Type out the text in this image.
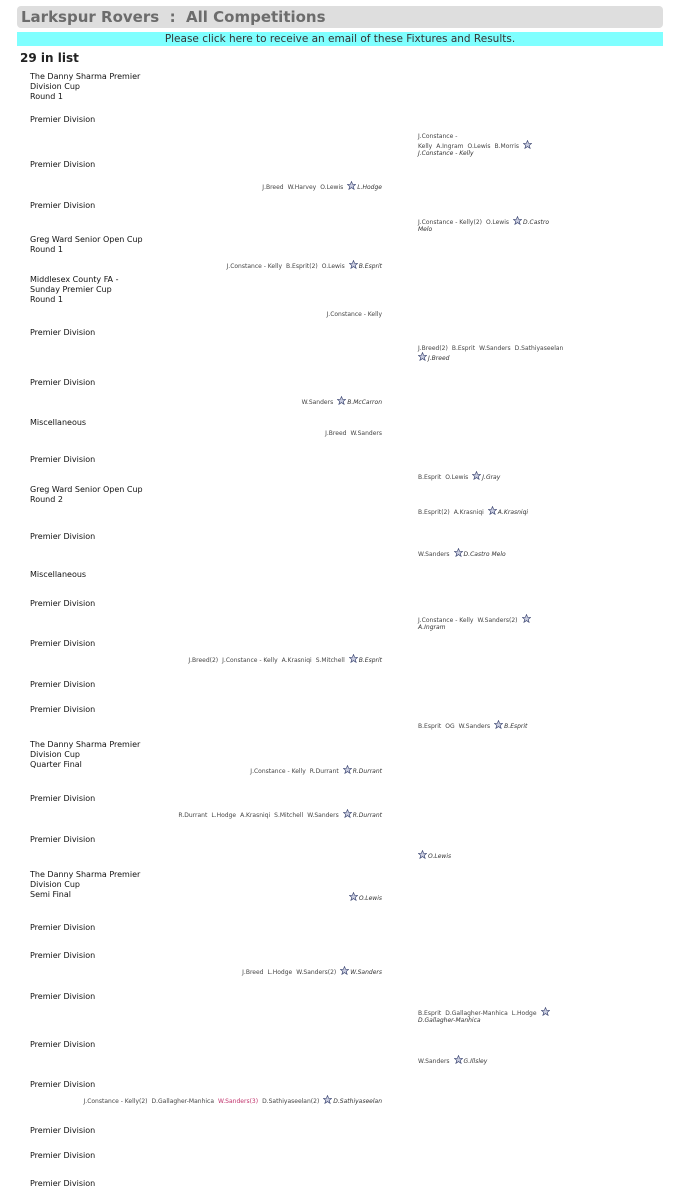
Larkspur Rovers  :  All Competitions
Please click here to receive an email of these Fixtures and Results.
29 in list
The Danny Sharma Premier Division Cup
Round 1
Premier Division
J.Constance - Kelly A.Ingram O.Lewis B.MorrisJ.Constance - Kelly
Premier Division
J.Breed W.Harvey O.Lewis L.Hodge
Premier Division
J.Constance - Kelly(2) O.Lewis D.Castro Melo
Greg Ward Senior Open Cup
Round 1
J.Constance - Kelly B.Esprit(2) O.Lewis B.Esprit
Middlesex County FA - Sunday Premier Cup
Round 1
J.Constance - Kelly
Premier Division
J.Breed(2) B.Esprit W.Sanders D.SathiyaseelanJ.Breed
Premier Division
W.Sanders B.McCarron
Miscellaneous
J.Breed W.Sanders
Premier Division
B.Esprit O.Lewis J.Gray
Greg Ward Senior Open Cup
Round 2
B.Esprit(2) A.Krasniqi A.Krasniqi
Premier Division
W.Sanders D.Castro Melo
Miscellaneous
Premier Division
J.Constance - Kelly W.Sanders(2)A.Ingram
Premier Division
J.Breed(2) J.Constance - Kelly A.Krasniqi S.Mitchell B.Esprit
Premier Division
Premier Division
B.Esprit OG W.Sanders B.Esprit
The Danny Sharma Premier Division Cup
Quarter Final
J.Constance - Kelly R.Durrant R.Durrant
Premier Division
R.Durrant L.Hodge A.Krasniqi S.Mitchell W.Sanders R.Durrant
Premier Division
O.Lewis
The Danny Sharma Premier Division Cup
Semi Final	O.Lewis
Premier Division
Premier Division
J.Breed L.Hodge W.Sanders(2) W.Sanders
Premier Division
B.Esprit D.Gallagher-Manhica L.HodgeD.Gallagher-Manhica
Premier Division
W.Sanders G.Illsley
Premier Division
J.Constance - Kelly(2) D.Gallagher-Manhica W.Sanders(3) D.Sathiyaseelan(2) D.Sathiyaseelan
Premier Division
Premier Division
Premier Division
